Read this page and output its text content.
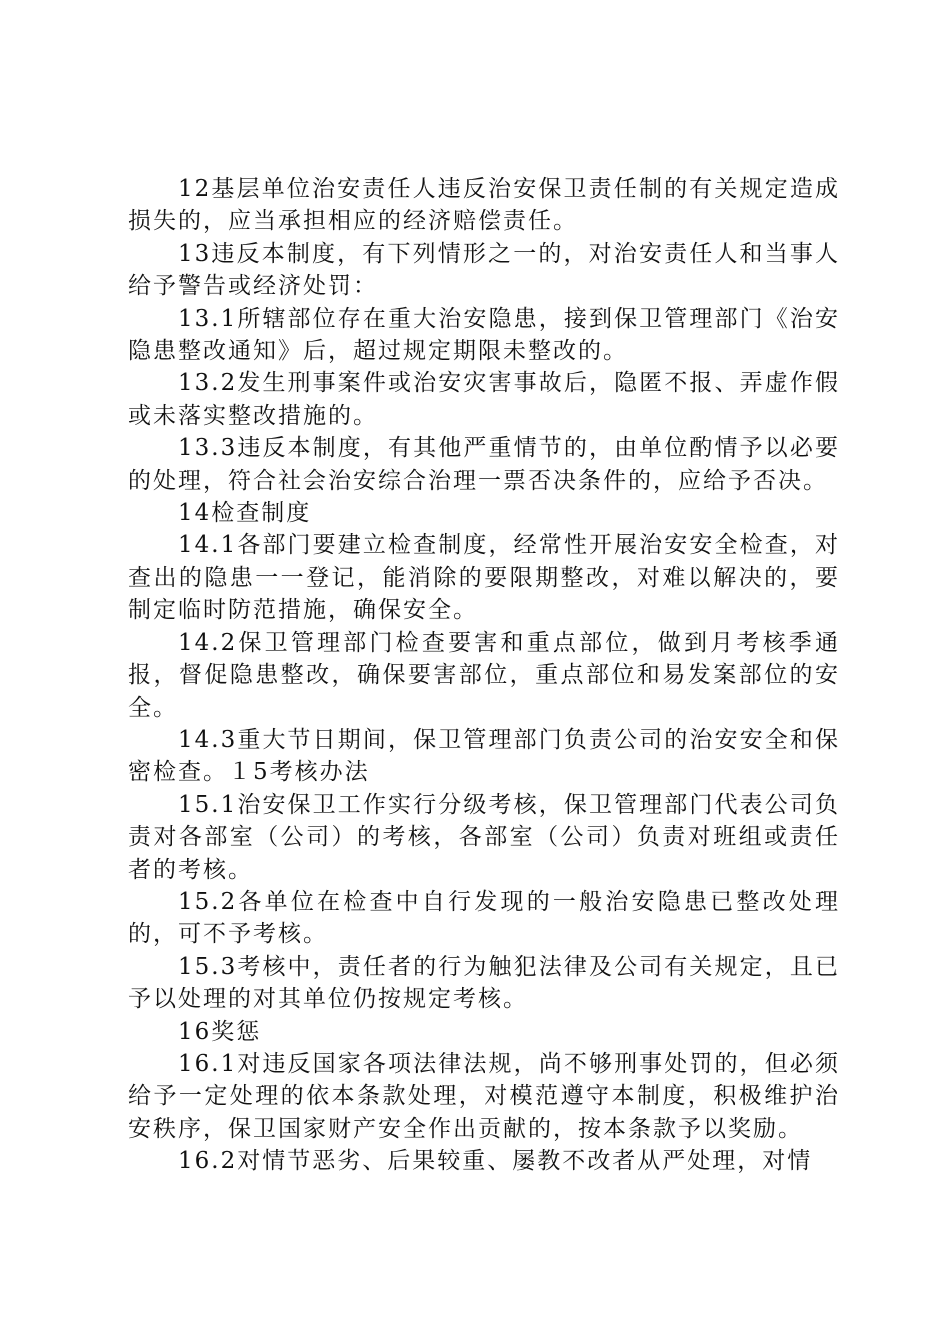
12基层单位治安责任人违反治安保卫责任制的有关规定造成损失的，应当承担相应的经济赔偿责任。

13违反本制度，有下列情形之一的，对治安责任人和当事人给予警告或经济处罚：

13.1所辖部位存在重大治安隐患，接到保卫管理部门《治安隐患整改通知》后，超过规定期限未整改的。

13.2发生刑事案件或治安灾害事故后，隐匿不报、弄虚作假或未落实整改措施的。

13.3违反本制度，有其他严重情节的，由单位酌情予以必要的处理，符合社会治安综合治理一票否决条件的，应给予否决。

14检查制度

14.1各部门要建立检查制度，经常性开展治安安全检查，对查出的隐患一一登记，能消除的要限期整改，对难以解决的，要制定临时防范措施，确保安全。

14.2保卫管理部门检查要害和重点部位，做到月考核季通报，督促隐患整改，确保要害部位，重点部位和易发案部位的安全。

14.3重大节日期间，保卫管理部门负责公司的治安安全和保密检查。１5考核办法

15.1治安保卫工作实行分级考核，保卫管理部门代表公司负责对各部室（公司）的考核，各部室（公司）负责对班组或责任者的考核。

15.2各单位在检查中自行发现的一般治安隐患已整改处理的，可不予考核。

15.3考核中，责任者的行为触犯法律及公司有关规定，且已予以处理的对其单位仍按规定考核。

16奖惩

16.1对违反国家各项法律法规，尚不够刑事处罚的，但必须给予一定处理的依本条款处理，对模范遵守本制度，积极维护治安秩序，保卫国家财产安全作出贡献的，按本条款予以奖励。

16.2对情节恶劣、后果较重、屡教不改者从严处理，对情
